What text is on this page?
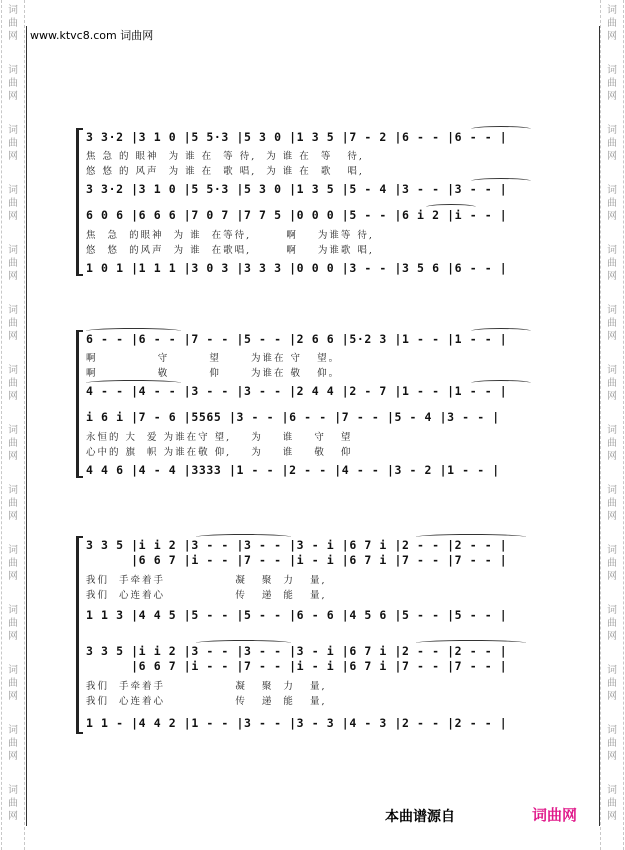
词
曲
网
词
曲
网
词
曲
网
词
曲
网
词
曲
网
词
曲
网
词
曲
网
词
曲
网
词
曲
网
词
曲
网
词
曲
网
词
曲
网
词
曲
网
词
曲
网
词
曲
网
词
曲
网
词
曲
网
词
曲
网
词
曲
网
词
曲
网
词
曲
网
词
曲
网
词
曲
网
词
曲
网
词
曲
网
词
曲
网
词
曲
网
词
曲
网
www.ktvc8.com 词曲网
3 3·2 |3 1 0 |5 5·3 |5 3 0 |1 3 5 |7 - 2 |6 - - |6 - - |
焦 急 的 眼神  为 谁 在  等 待,  为 谁 在  等   待,
悠 悠 的 风声  为 谁 在  歌 唱,  为 谁 在  歌   唱,
3 3·2 |3 1 0 |5 5·3 |5 3 0 |1 3 5 |5 - 4 |3 - - |3 - - |
6 0 6 |6 6 6 |7 0 7 |7 7 5 |0 0 0 |5 - - |6 i 2 |i - - |
焦  急  的眼神  为 谁  在等待,       啊    为谁等 待,
悠  悠  的风声  为 谁  在歌唱,       啊    为谁歌 唱,
1 0 1 |1 1 1 |3 0 3 |3 3 3 |0 0 0 |3 - - |3 5 6 |6 - - |
6 - - |6 - - |7 - - |5 - - |2 6 6 |5·2 3 |1 - - |1 - - |
啊            守        望      为谁在 守   望。
啊            敬        仰      为谁在 敬   仰。
4 - - |4 - - |3 - - |3 - - |2 4 4 |2 - 7 |1 - - |1 - - |
i 6 i |7 - 6 |5565 |3 - - |6 - - |7 - - |5 - 4 |3 - - |
永恒的 大  爱 为谁在守 望,    为    谁    守   望
心中的 旗  帜 为谁在敬 仰,    为    谁    敬   仰
4 4 6 |4 - 4 |3333 |1 - - |2 - - |4 - - |3 - 2 |1 - - |
3 3 5 |i i 2 |3 - - |3 - - |3 - i |6 7 i |2 - - |2 - - |
|6 6 7 |i - - |7 - - |i - i |6 7 i |7 - - |7 - - |
我们  手牵着手              凝   聚  力   量,
我们  心连着心              传   递  能   量,
1 1 3 |4 4 5 |5 - - |5 - - |6 - 6 |4 5 6 |5 - - |5 - - |
3 3 5 |i i 2 |3 - - |3 - - |3 - i |6 7 i |2 - - |2 - - |
|6 6 7 |i - - |7 - - |i - i |6 7 i |7 - - |7 - - |
我们  手牵着手              凝   聚  力   量,
我们  心连着心              传   递  能   量,
1 1 - |4 4 2 |1 - - |3 - - |3 - 3 |4 - 3 |2 - - |2 - - |
本曲谱源自	词曲网
